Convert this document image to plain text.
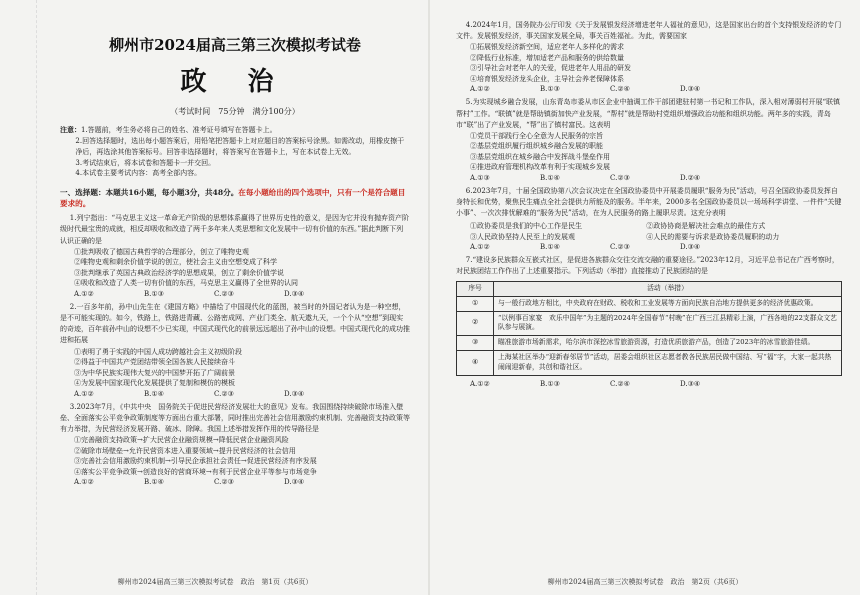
柳州市2024届高三第三次模拟考试卷
政 治
（考试时间　75分钟　满分100分）

注意：1.答题前，考生务必将自己的姓名、准考证号填写在答题卡上。

2.回答选择题时，选出每小题答案后，用铅笔把答题卡上对应题目的答案标号涂黑。如需改动，用橡皮擦干净后，再选涂其他答案标号。回答非选择题时，将答案写在答题卡上，写在本试卷上无效。

3.考试结束后，将本试卷和答题卡一并交回。

4.本试卷主要考试内容：高考全部内容。

一、选择题：本题共16小题，每小题3分，共48分。在每小题给出的四个选项中，只有一个是符合题目要求的。

1.列宁指出：“马克思主义这一革命无产阶级的思想体系赢得了世界历史性的意义，是因为它并没有抛弃资产阶级时代最宝贵的成就，相反却吸收和改造了两千多年来人类思想和文化发展中一切有价值的东西。”据此判断下列认识正确的是

①批判吸收了德国古典哲学的合理部分，创立了唯物史观

②唯物史观和剩余价值学说的创立，使社会主义由空想变成了科学

③批判继承了英国古典政治经济学的思想成果，创立了剩余价值学说

④吸收和改造了人类一切有价值的东西，马克思主义赢得了全世界的认同

A.①②	B.①③	C.②③	D.③④

2.一百多年前，孙中山先生在《建国方略》中描绘了中国现代化的蓝图，被当时的外国记者认为是一种空想，是不可能实现的。如今，铁路上，铁路进青藏、公路密成网、产业门类全、航天遨九天，一个个从“空想”到现实的奇迹，百年前孙中山的设想不少已实现，中国式现代化的前景远远超出了孙中山的设想。中国式现代化的成功推进和拓展

①表明了勇于实践的中国人成功跨越社会主义初级阶段

②得益于中国共产党团结带领全国各族人民接续奋斗

③为中华民族实现伟大复兴的中国梦开拓了广阔前景

④为发展中国家现代化发展提供了复制和模仿的模板

A.①②	B.①④	C.②③	D.③④

3.2023年7月，《中共中央　国务院关于促进民营经济发展壮大的意见》发布。我国围绕持续破除市场准入壁垒、全面落实公平竞争政策制度等方面出台重大部署，同时推出完善社会信用激励约束机制、完善融资支持政策等有力举措，为民营经济发展开路、破冰、除障。我国上述举措发挥作用的传导路径是

①完善融资支持政策→扩大民营企业融资规模→降低民营企业融资风险

②破除市场壁垒→允许民营资本进入重要领域→提升民营经济的社会信用

③完善社会信用激励约束机制→引导民企承担社会责任→促进民营经济有序发展

④落实公平竞争政策→创造良好的营商环境→有利于民营企业平等参与市场竞争

A.①②	B.①④	C.②③	D.③④
柳州市2024届高三第三次模拟考试卷　政治　第1页（共6页）

4.2024年1月，国务院办公厅印发《关于发展银发经济增进老年人福祉的意见》，这是国家出台的首个支持银发经济的专门文件。发展银发经济，事关国家发展全局，事关百姓福祉。为此，需要国家

①拓展银发经济新空间，适应老年人多样化的需求

②降低行业标准，增加适老产品和服务的供给数量

③引导社会对老年人的关爱，促进老年人用品的研发

④培育银发经济龙头企业，主导社会养老保障体系

A.①②	B.①③	C.②④	D.③④

5.为实现城乡融合发展，山东青岛市委从市区企业中抽调工作干部团建驻村第一书记和工作队，深入相对薄弱村开展“联镇帮村”工作。“联镇”就是帮助镇街加快产业发展，“帮村”就是帮助村党组织增强政治功能和组织功能。两年多的实践，青岛市“联”出了产业发展，“帮”出了镇村富民。这表明

①党员干部践行全心全意为人民服务的宗旨

②基层党组织履行组织城乡融合发展的职能

③基层党组织在城乡融合中发挥战斗堡垒作用

④推进政府管理机构改革有利于实现城乡发展

A.①③	B.①④	C.②③	D.②④

6.2023年7月，十届全国政协第八次会议决定在全国政协委员中开展委员履职“服务为民”活动，号召全国政协委员发挥自身特长和优势，聚焦民生痛点全社会提供力所能及的服务。半年来，2000多名全国政协委员以一场场科学讲堂、一件件“关键小事”、一次次排忧解难的“服务为民”活动，在为人民服务的路上履职尽责。这充分表明

①政协委员是我们的中心工作是民生	②政协协商是解决社会难点的最佳方式
③人民政协坚持人民至上的发展观	④人民的需要与诉求是政协委员履职的动力
A.①②	B.①④	C.②③	D.③④

7.“建设多民族群众互嵌式社区，是促进各族群众交往交流交融的重要途径。”2023年12月，习近平总书记在广西考察时，对民族团结工作作出了上述重要指示。下列活动（举措）直接推动了民族团结的是

序号	活动（举措）
①	与一般行政地方相比，中央政府在财政、税收和工业发展等方面向民族自治地方提供更多的经济优惠政策。
②	“以例事百家宴　欢乐中国年”为主题的2024年全国春节“村晚”在广西三江县精彩上演，广西各地的22支群众文艺队参与展演。
③	瞄准旅游市场新需求，哈尔滨市深挖冰雪旅游资源，打造优质旅游产品，创造了2023年的冰雪旅游佳绩。
④	上海某社区举办“迎新春邻居节”活动，居委会组织社区志愿者教各民族居民做中国结、写“福”字，大家一起共热闹闹迎新春，共创和谐社区。
A.①②	B.①③	C.②④	D.③④
柳州市2024届高三第三次模拟考试卷　政治　第2页（共6页）
